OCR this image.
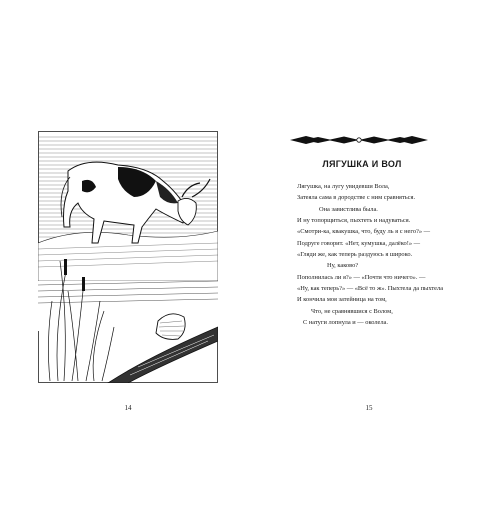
14
ЛЯГУШКА И ВОЛ
Лягушка, на лугу увидевши Вола,
Затеяла сама в дородстве с ним сравняться.
Она завистлива была.
И ну топорщиться, пыхтеть и надуваться.
«Смотри-ка, квакушка, что, буду ль я с него?» —
Подруге говорит. «Нет, кумушка, далёко!» —
«Гляди же, как теперь раздуюсь я широко.
Ну, каково?
Пополнилась ли я?» — «Почти что ничего». —
«Ну, как теперь?» — «Всё то ж». Пыхтела да пыхтела
И кончила моя затейница на том,
Что, не сравнявшися с Волом,
С натуги лопнула и — околела.
15
